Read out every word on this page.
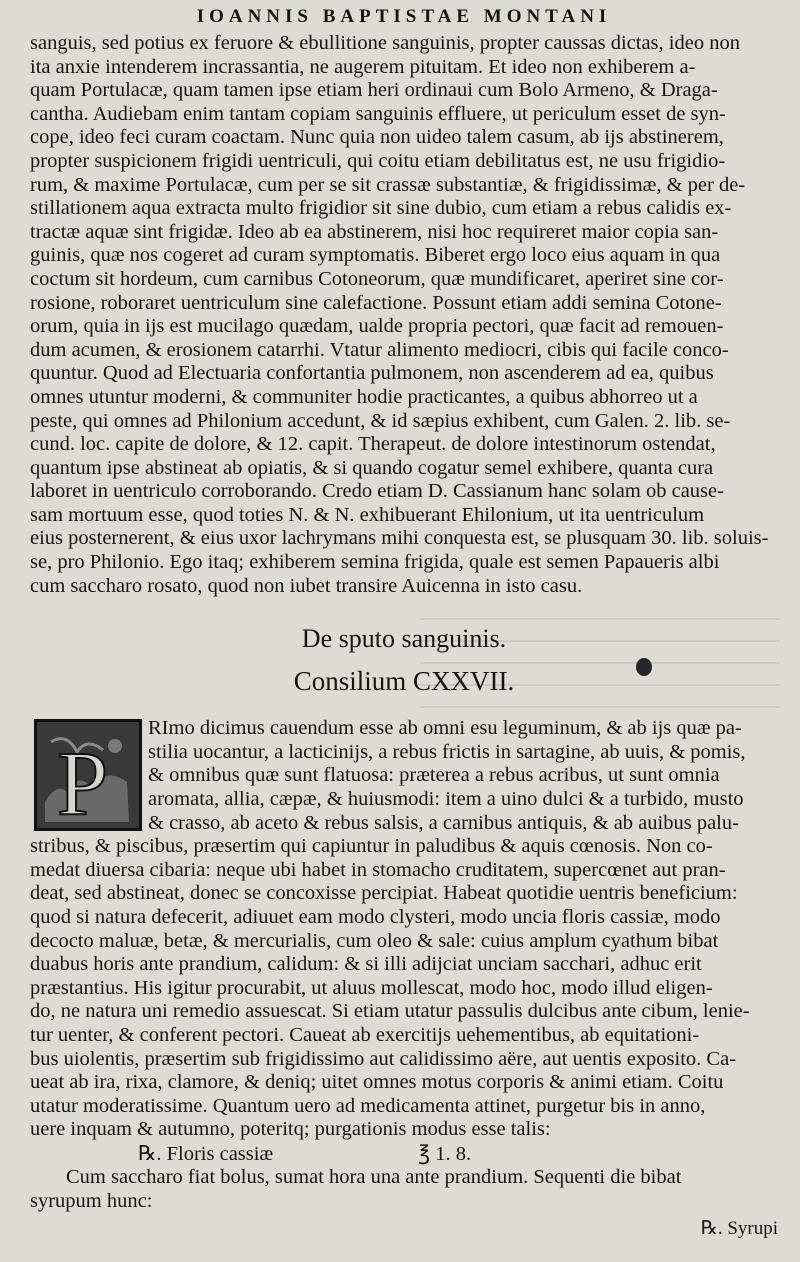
IOANNIS BAPTISTAE MONTANI
sanguis, sed potius ex feruore & ebullitione sanguinis, propter caussas dictas, ideo non
ita anxie intenderem incrassantia, ne augerem pituitam. Et ideo non exhiberem a-
quam Portulacæ, quam tamen ipse etiam heri ordinaui cum Bolo Armeno, & Draga-
cantha. Audiebam enim tantam copiam sanguinis effluere, ut periculum esset de syn-
cope, ideo feci curam coactam. Nunc quia non uideo talem casum, ab ijs abstinerem,
propter suspicionem frigidi uentriculi, qui coitu etiam debilitatus est, ne usu frigidio-
rum, & maxime Portulacæ, cum per se sit crassæ substantiæ, & frigidissimæ, & per de-
stillationem aqua extracta multo frigidior sit sine dubio, cum etiam a rebus calidis ex-
tractæ aquæ sint frigidæ. Ideo ab ea abstinerem, nisi hoc requireret maior copia san-
guinis, quæ nos cogeret ad curam symptomatis. Biberet ergo loco eius aquam in qua
coctum sit hordeum, cum carnibus Cotoneorum, quæ mundificaret, aperiret sine cor-
rosione, roboraret uentriculum sine calefactione. Possunt etiam addi semina Cotone-
orum, quia in ijs est mucilago quædam, ualde propria pectori, quæ facit ad remouen-
dum acumen, & erosionem catarrhi. Vtatur alimento mediocri, cibis qui facile conco-
quuntur. Quod ad Electuaria confortantia pulmonem, non ascenderem ad ea, quibus
omnes utuntur moderni, & communiter hodie practicantes, a quibus abhorreo ut a
peste, qui omnes ad Philonium accedunt, & id sæpius exhibent, cum Galen. 2. lib. se-
cund. loc. capite de dolore, & 12. capit. Therapeut. de dolore intestinorum ostendat,
quantum ipse abstineat ab opiatis, & si quando cogatur semel exhibere, quanta cura
laboret in uentriculo corroborando. Credo etiam D. Cassianum hanc solam ob cause-
sam mortuum esse, quod toties N. & N. exhibuerant Ehilonium, ut ita uentriculum
eius posternerent, & eius uxor lachrymans mihi conquesta est, se plusquam 30. lib. soluis-
se, pro Philonio. Ego itaq; exhiberem semina frigida, quale est semen Papaueris albi
cum saccharo rosato, quod non iubet transire Auicenna in isto casu.
De sputo sanguinis.
Consilium CXXVII.
P
RImo dicimus cauendum esse ab omni esu leguminum, & ab ijs quæ pa-
stilia uocantur, a lacticinijs, a rebus frictis in sartagine, ab uuis, & pomis,
& omnibus quæ sunt flatuosa: præterea a rebus acribus, ut sunt omnia
aromata, allia, cæpæ, & huiusmodi: item a uino dulci & a turbido, musto
& crasso, ab aceto & rebus salsis, a carnibus antiquis, & ab auibus palu-
stribus, & piscibus, præsertim qui capiuntur in paludibus & aquis cœnosis. Non co-
medat diuersa cibaria: neque ubi habet in stomacho cruditatem, supercœnet aut pran-
deat, sed abstineat, donec se concoxisse percipiat. Habeat quotidie uentris beneficium:
quod si natura defecerit, adiuuet eam modo clysteri, modo uncia floris cassiæ, modo
decocto maluæ, betæ, & mercurialis, cum oleo & sale: cuius amplum cyathum bibat
duabus horis ante prandium, calidum: & si illi adijciat unciam sacchari, adhuc erit
præstantius. His igitur procurabit, ut aluus mollescat, modo hoc, modo illud eligen-
do, ne natura uni remedio assuescat. Si etiam utatur passulis dulcibus ante cibum, lenie-
tur uenter, & conferent pectori. Caueat ab exercitijs uehementibus, ab equitationi-
bus uiolentis, præsertim sub frigidissimo aut calidissimo aëre, aut uentis exposito. Ca-
ueat ab ira, rixa, clamore, & deniq; uitet omnes motus corporis & animi etiam. Coitu
utatur moderatissime. Quantum uero ad medicamenta attinet, purgetur bis in anno,
uere inquam & autumno, poteritq; purgationis modus esse talis:
℞. Floris cassiæ	℥ 1. 8.
Cum saccharo fiat bolus, sumat hora una ante prandium. Sequenti die bibat
syrupum hunc:
℞. Syrupi
